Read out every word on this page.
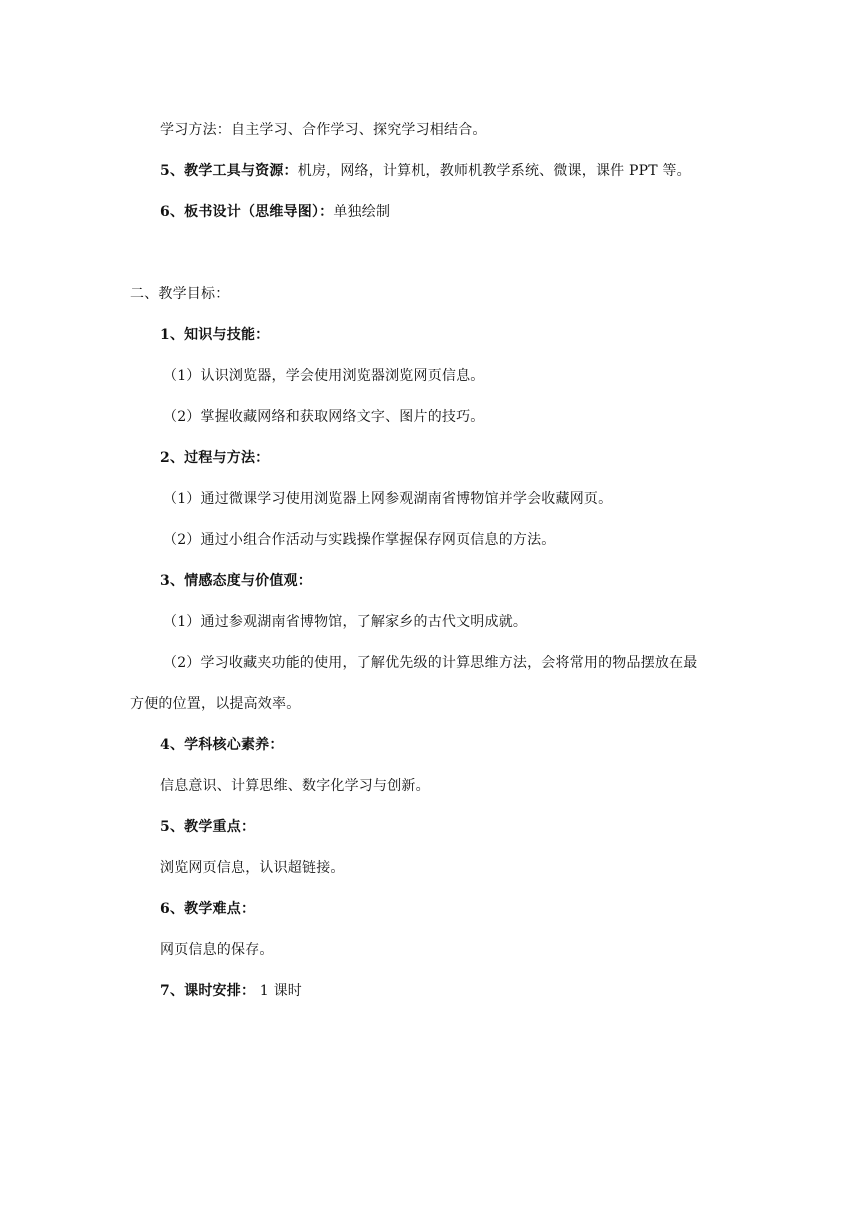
学习方法：自主学习、合作学习、探究学习相结合。
5、教学工具与资源：机房，网络，计算机，教师机教学系统、微课，课件 PPT 等。
6、板书设计（思维导图）：单独绘制
二、教学目标：
1、知识与技能：
（1）认识浏览器，学会使用浏览器浏览网页信息。
（2）掌握收藏网络和获取网络文字、图片的技巧。
2、过程与方法：
（1）通过微课学习使用浏览器上网参观湖南省博物馆并学会收藏网页。
（2）通过小组合作活动与实践操作掌握保存网页信息的方法。
3、情感态度与价值观：
（1）通过参观湖南省博物馆，了解家乡的古代文明成就。
（2）学习收藏夹功能的使用，了解优先级的计算思维方法，会将常用的物品摆放在最
方便的位置，以提高效率。
4、学科核心素养：
信息意识、计算思维、数字化学习与创新。
5、教学重点：
浏览网页信息，认识超链接。
6、教学难点：
网页信息的保存。
7、课时安排： 1 课时
